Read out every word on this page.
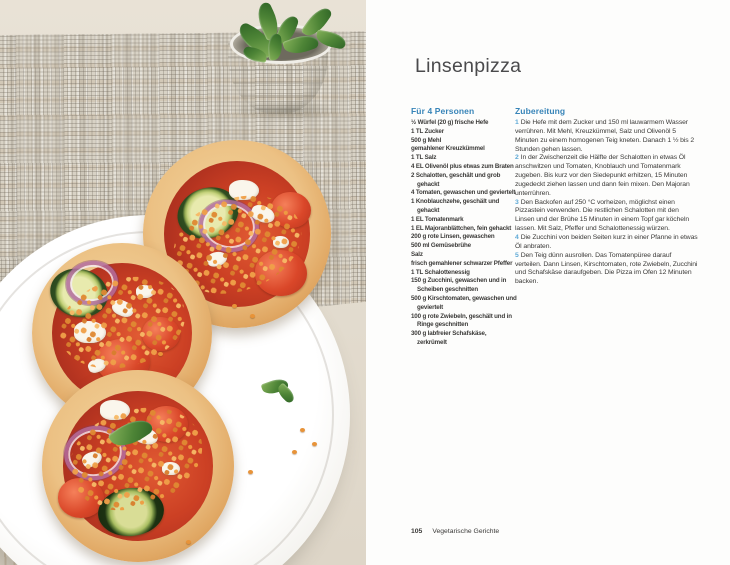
Linsenpizza
Für 4 Personen
½ Würfel (20 g) frische Hefe
1 TL Zucker
500 g Mehl
gemahlener Kreuzkümmel
1 TL Salz
4 EL Olivenöl plus etwas zum Braten
2 Schalotten, geschält und grob gehackt
4 Tomaten, gewaschen und geviertelt
1 Knoblauchzehe, geschält und gehackt
1 EL Tomatenmark
1 EL Majoranblättchen, fein gehackt
200 g rote Linsen, gewaschen
500 ml Gemüsebrühe
Salz
frisch gemahlener schwarzer Pfeffer
1 TL Schalottenessig
150 g Zucchini, gewaschen und in Scheiben geschnitten
500 g Kirschtomaten, gewaschen und geviertelt
100 g rote Zwiebeln, geschält und in Ringe geschnitten
300 g labfreier Schafskäse, zerkrümelt
Zubereitung

1 Die Hefe mit dem Zucker und 150 ml lauwarmem Wasser verrühren. Mit Mehl, Kreuzkümmel, Salz und Olivenöl 5 Minuten zu einem homogenen Teig kneten. Danach 1 ½ bis 2 Stunden gehen lassen.

2 In der Zwischenzeit die Hälfte der Schalotten in etwas Öl anschwitzen und Tomaten, Knoblauch und Tomatenmark zugeben. Bis kurz vor den Siedepunkt erhitzen, 15 Minuten zugedeckt ziehen lassen und dann fein mixen. Den Majoran unterrühren.

3 Den Backofen auf 250 °C vorheizen, möglichst einen Pizzastein verwenden. Die restlichen Schalotten mit den Linsen und der Brühe 15 Minuten in einem Topf gar köcheln lassen. Mit Salz, Pfeffer und Schalottenessig würzen.

4 Die Zucchini von beiden Seiten kurz in einer Pfanne in etwas Öl anbraten.

5 Den Teig dünn ausrollen. Das Tomatenpüree darauf verteilen. Dann Linsen, Kirschtomaten, rote Zwiebeln, Zucchini und Schafskäse daraufgeben. Die Pizza im Ofen 12 Minuten backen.

105 Vegetarische Gerichte
